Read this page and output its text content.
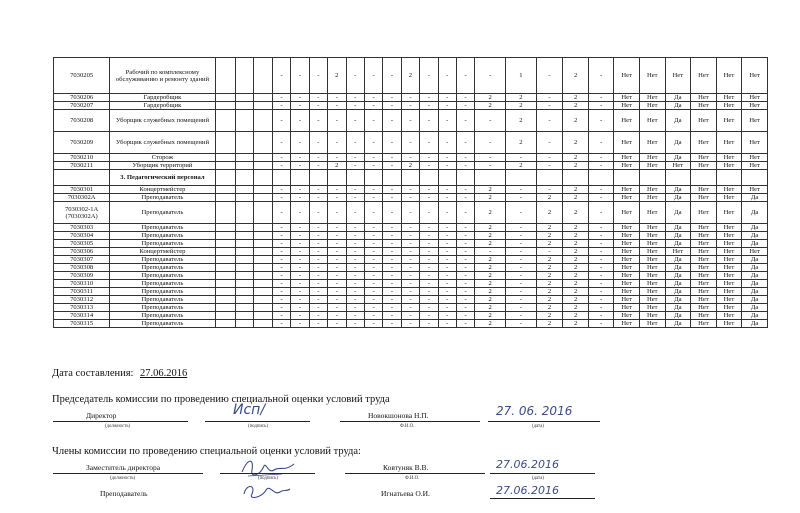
7030205	Рабочий по комплексному обслуживанию и ремонту зданий				-	-	-	2	-	-	-	2	-	-	-	-	1	-	2	-	Нет	Нет	Нет	Нет	Нет	Нет
7030206	Гардеробщик				-	-	-	-	-	-	-	-	-	-	-	2	2	-	2	-	Нет	Нет	Да	Нет	Нет	Нет
7030207	Гардеробщик				-	-	-	-	-	-	-	-	-	-	-	2	2	-	2	-	Нет	Нет	Да	Нет	Нет	Нет
7030208	Уборщик служебных помещений				-	-	-	-	-	-	-	-	-	-	-	-	2	-	2	-	Нет	Нет	Да	Нет	Нет	Нет
7030209	Уборщик служебных помещений				-	-	-	-	-	-	-	-	-	-	-	-	2	-	2	-	Нет	Нет	Да	Нет	Нет	Нет
7030210	Сторож				-	-	-	-	-	-	-	-	-	-	-	-	-	-	2	-	Нет	Нет	Да	Нет	Нет	Нет
7030211	Уборщик территорий				-	-	-	2	-	-	-	2	-	-	-	-	2	-	2	-	Нет	Нет	Нет	Нет	Нет	Нет
	3. Педагогический персонал																									
7030301	Концертмейстер				-	-	-	-	-	-	-	-	-	-	-	2	-	-	2	-	Нет	Нет	Да	Нет	Нет	Нет
7030302А	Преподаватель				-	-	-	-	-	-	-	-	-	-	-	2	-	2	2	-	Нет	Нет	Да	Нет	Нет	Да
7030302-1А (7030302А)	Преподаватель				-	-	-	-	-	-	-	-	-	-	-	2	-	2	2	-	Нет	Нет	Да	Нет	Нет	Да
7030303	Преподаватель				-	-	-	-	-	-	-	-	-	-	-	2	-	2	2	-	Нет	Нет	Да	Нет	Нет	Да
7030304	Преподаватель				-	-	-	-	-	-	-	-	-	-	-	2	-	2	2	-	Нет	Нет	Да	Нет	Нет	Да
7030305	Преподаватель				-	-	-	-	-	-	-	-	-	-	-	2	-	2	2	-	Нет	Нет	Да	Нет	Нет	Да
7030306	Концертмейстер				-	-	-	-	-	-	-	-	-	-	-	-	-	-	2	-	Нет	Нет	Нет	Нет	Нет	Нет
7030307	Преподаватель				-	-	-	-	-	-	-	-	-	-	-	2	-	2	2	-	Нет	Нет	Да	Нет	Нет	Да
7030308	Преподаватель				-	-	-	-	-	-	-	-	-	-	-	2	-	2	2	-	Нет	Нет	Да	Нет	Нет	Да
7030309	Преподаватель				-	-	-	-	-	-	-	-	-	-	-	2	-	2	2	-	Нет	Нет	Да	Нет	Нет	Да
7030310	Преподаватель				-	-	-	-	-	-	-	-	-	-	-	2	-	2	2	-	Нет	Нет	Да	Нет	Нет	Да
7030311	Преподаватель				-	-	-	-	-	-	-	-	-	-	-	2	-	2	2	-	Нет	Нет	Да	Нет	Нет	Да
7030312	Преподаватель				-	-	-	-	-	-	-	-	-	-	-	2	-	2	2	-	Нет	Нет	Да	Нет	Нет	Да
7030313	Преподаватель				-	-	-	-	-	-	-	-	-	-	-	2	-	2	2	-	Нет	Нет	Да	Нет	Нет	Да
7030314	Преподаватель				-	-	-	-	-	-	-	-	-	-	-	2	-	2	2	-	Нет	Нет	Да	Нет	Нет	Да
7030315	Преподаватель				-	-	-	-	-	-	-	-	-	-	-	2	-	2	2	-	Нет	Нет	Да	Нет	Нет	Да
Дата составления: 27.06.2016
Председатель комиссии по проведению специальной оценки условий труда
Директор
(должность)
Исп/
(подпись)
Новокшонова Н.П.
Ф.И.О.
27. 06. 2016
(дата)
Члены комиссии по проведению специальной оценки условий труда:
Заместитель директора
(должность)	(подпись)
Ковтуняк В.В.
Ф.И.О.
27.06.2016
(дата)
Преподаватель	Игнатьева О.И.	27.06.2016
